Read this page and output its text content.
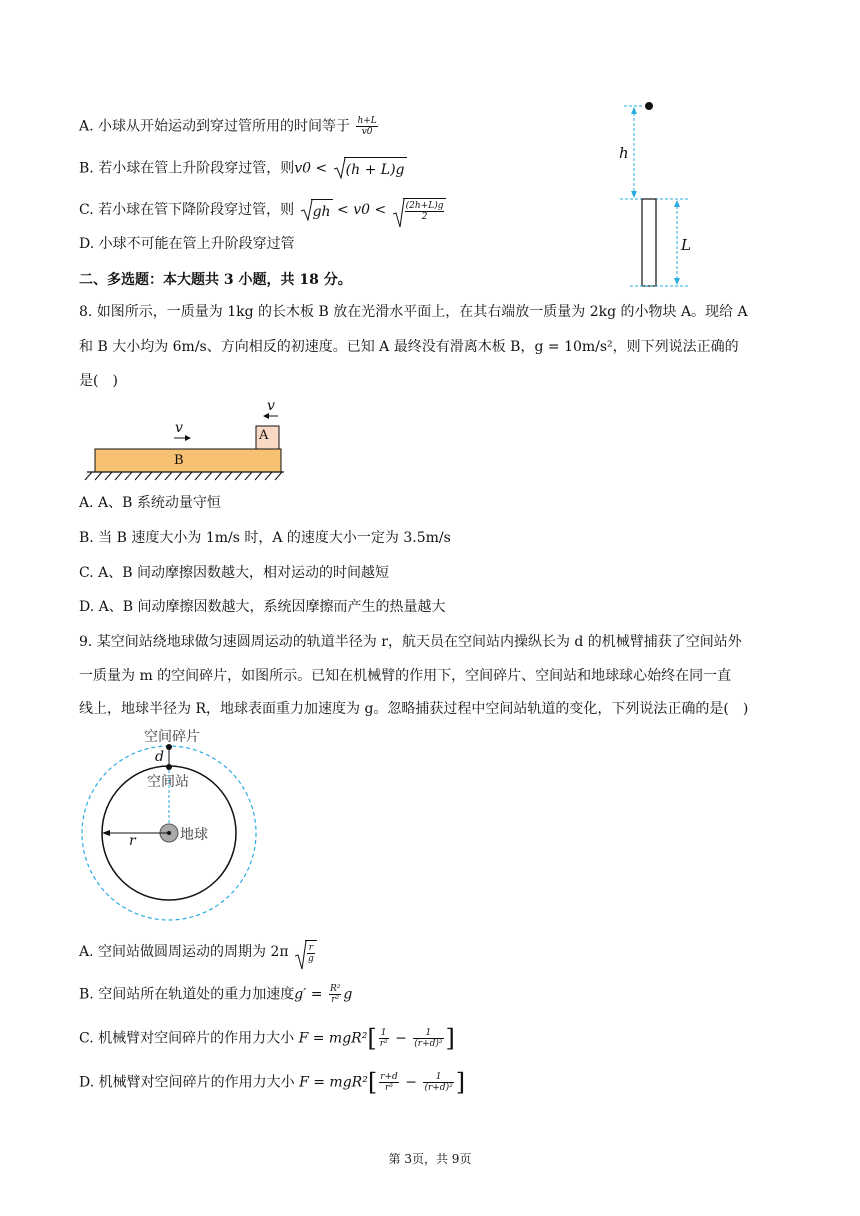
A. 小球从开始运动到穿过管所用的时间等于 $\frac{h+L}{v0}$
B. 若小球在管上升阶段穿过管，则v0 <
(h + L)g
C. 若小球在管下降阶段穿过管，则 gh < $v0 < \frac{(2h+L)g}{2}$
D. 小球不可能在管上升阶段穿过管
二、多选题：本大题共 3 小题，共 18 分。
h
L
8. 如图所示，一质量为 1kg 的长木板 B 放在光滑水平面上，在其右端放一质量为 2kg 的小物块 A。现给 A
和 B 大小均为 6m/s、方向相反的初速度。已知 A 最终没有滑离木板 B，g = 10m/s²，则下列说法正确的
是(　)
v
v
A
B
A. A、B 系统动量守恒
B. 当 B 速度大小为 1m/s 时，A 的速度大小一定为 3.5m/s
C. A、B 间动摩擦因数越大，相对运动的时间越短
D. A、B 间动摩擦因数越大，系统因摩擦而产生的热量越大
9. 某空间站绕地球做匀速圆周运动的轨道半径为 r，航天员在空间站内操纵长为 d 的机械臂捕获了空间站外
一质量为 m 的空间碎片，如图所示。已知在机械臂的作用下，空间碎片、空间站和地球球心始终在同一直
线上，地球半径为 R，地球表面重力加速度为 g。忽略捕获过程中空间站轨道的变化，下列说法正确的是(　)
空间碎片
d
空间站
地球
r
A. 空间站做圆周运动的周期为 $2\pi \frac{r}{g}$
B. 空间站所在轨道处的重力加速度$g' = \frac{\text{R²}}{\text{r²}}$ g
C. 机械臂对空间碎片的作用力大小 $F = mgR^2[ \frac{1}{\text{r²}} - \frac{1}{\text{(r+d)²}}$ ]
D. 机械臂对空间碎片的作用力大小 $F = mgR^2[ \frac{r+d}{\text{r³}} - \frac{1}{\text{(r+d)²}}$ ]
第 3页，共 9页
